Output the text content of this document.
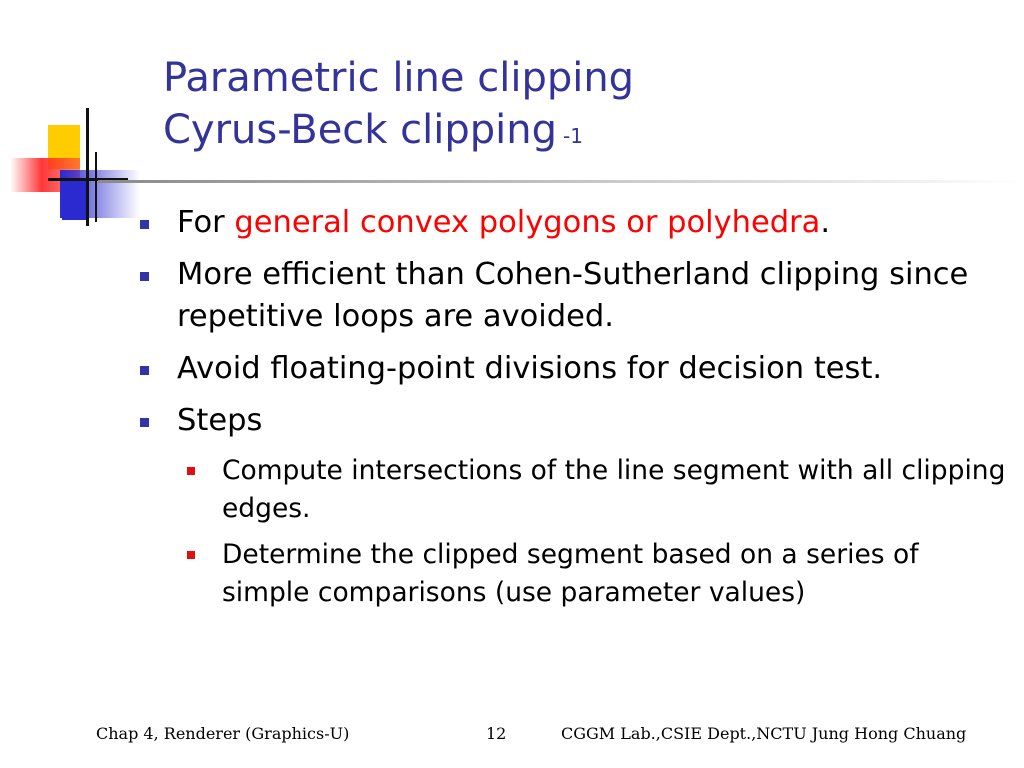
Parametric line clipping
Cyrus-Beck clipping -1
For general convex polygons or polyhedra.
More efficient than Cohen-Sutherland clipping since repetitive loops are avoided.
Avoid floating-point divisions for decision test.
Steps
Compute intersections of the line segment with all clipping edges.
Determine the clipped segment based on a series of simple comparisons (use parameter values)
Chap 4, Renderer (Graphics-U)	12	CGGM Lab.,CSIE Dept.,NCTU Jung Hong Chuang
